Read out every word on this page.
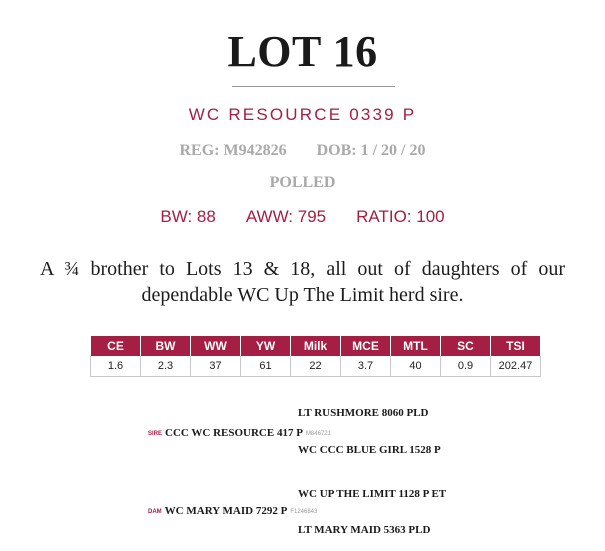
LOT 16
WC RESOURCE 0339 P
REG: M942826 DOB: 1 / 20 / 20
POLLED
BW: 88 AWW: 795 RATIO: 100
A ¾ brother to Lots 13 & 18, all out of daughters of our dependable WC Up The Limit herd sire.
CE	BW	WW	YW	Milk	MCE	MTL	SC	TSI
1.6	2.3	37	61	22	3.7	40	0.9	202.47
LT RUSHMORE 8060 PLD
SIRE CCC WC RESOURCE 417 P M846721
WC CCC BLUE GIRL 1528 P
WC UP THE LIMIT 1128 P ET
DAM WC MARY MAID 7292 P F1246843
LT MARY MAID 5363 PLD
